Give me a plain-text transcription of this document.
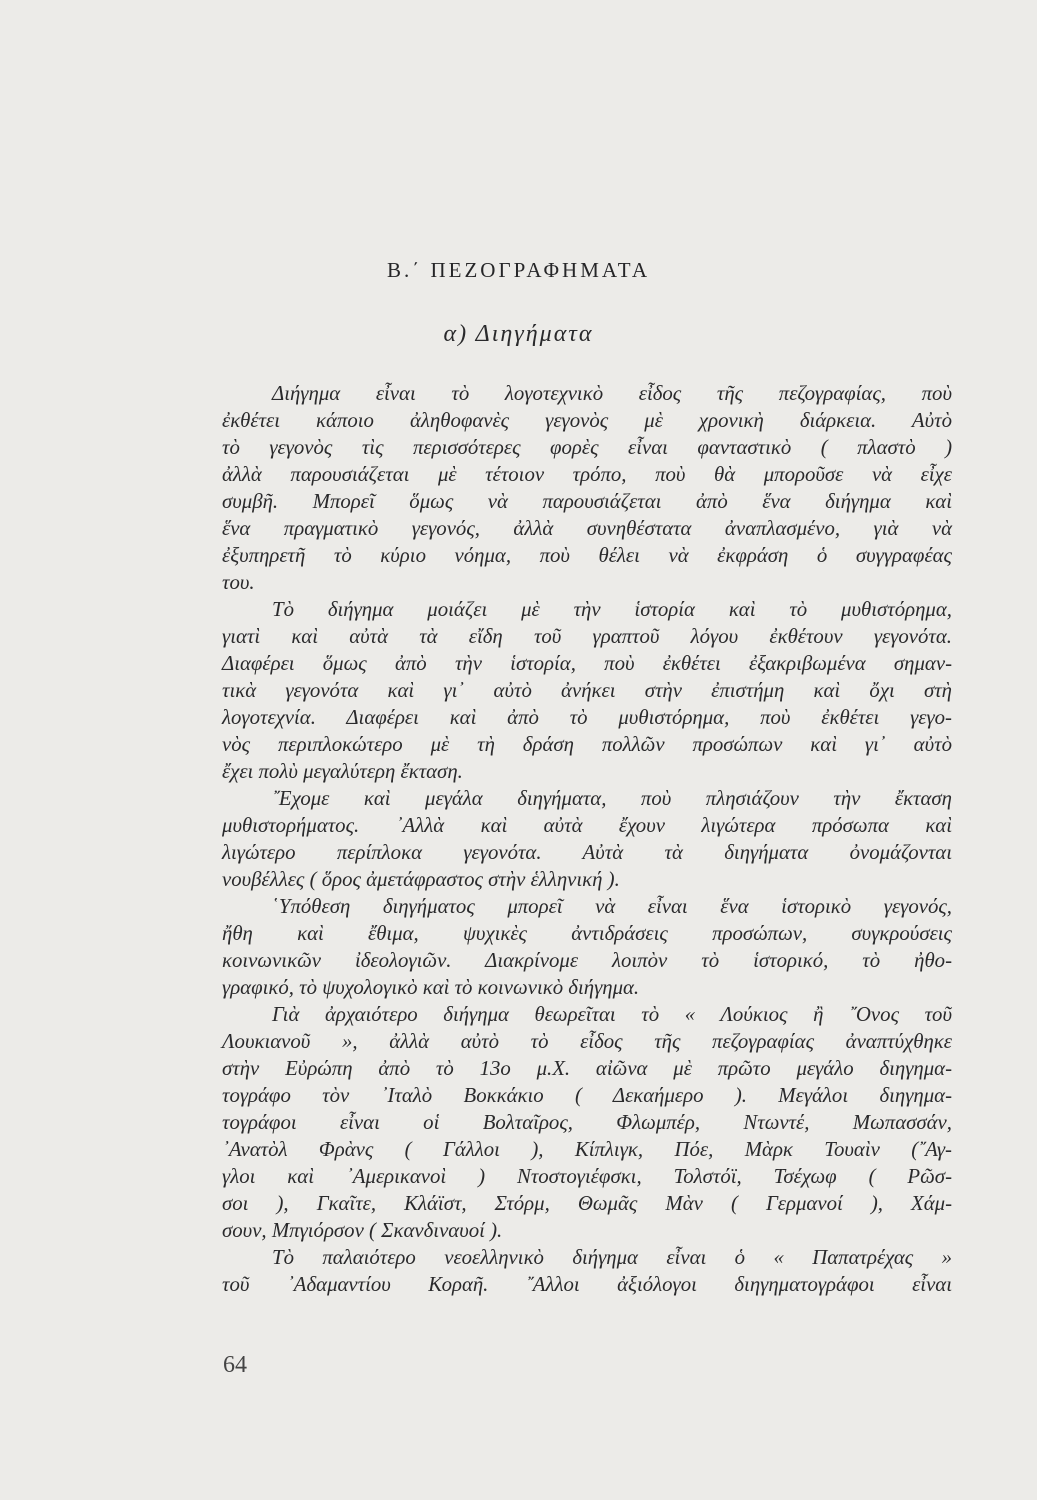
Β.΄ ΠΕΖΟΓΡΑΦΗΜΑΤΑ
α) Διηγήματα
Διήγημα εἶναι τὸ λογοτεχνικὸ εἶδος τῆς πεζογραφίας, ποὺ
ἐκθέτει κάποιο ἀληθοφανὲς γεγονὸς μὲ χρονικὴ διάρκεια. Αὐτὸ
τὸ γεγονὸς τὶς περισσότερες φορὲς εἶναι φανταστικὸ ( πλαστὸ )
ἀλλὰ παρουσιάζεται μὲ τέτοιον τρόπο, ποὺ θὰ μποροῦσε νὰ εἶχε
συμβῆ. Μπορεῖ ὅμως νὰ παρουσιάζεται ἀπὸ ἕνα διήγημα καὶ
ἕνα πραγματικὸ γεγονός, ἀλλὰ συνηθέστατα ἀναπλασμένο, γιὰ νὰ
ἐξυπηρετῆ τὸ κύριο νόημα, ποὺ θέλει νὰ ἐκφράση ὁ συγγραφέας
του.
Τὸ διήγημα μοιάζει μὲ τὴν ἱστορία καὶ τὸ μυθιστόρημα,
γιατὶ καὶ αὐτὰ τὰ εἴδη τοῦ γραπτοῦ λόγου ἐκθέτουν γεγονότα.
Διαφέρει ὅμως ἀπὸ τὴν ἱστορία, ποὺ ἐκθέτει ἐξακριβωμένα σημαν-
τικὰ γεγονότα καὶ γι᾿ αὐτὸ ἀνήκει στὴν ἐπιστήμη καὶ ὄχι στὴ
λογοτεχνία. Διαφέρει καὶ ἀπὸ τὸ μυθιστόρημα, ποὺ ἐκθέτει γεγο-
νὸς περιπλοκώτερο μὲ τὴ δράση πολλῶν προσώπων καὶ γι᾿ αὐτὸ
ἔχει πολὺ μεγαλύτερη ἔκταση.
῎Εχομε καὶ μεγάλα διηγήματα, ποὺ πλησιάζουν τὴν ἔκταση
μυθιστορήματος. ᾽Αλλὰ καὶ αὐτὰ ἔχουν λιγώτερα πρόσωπα καὶ
λιγώτερο περίπλοκα γεγονότα. Αὐτὰ τὰ διηγήματα ὀνομάζονται
νουβέλλες ( ὅρος ἀμετάφραστος στὴν ἑλληνική ).
῾Υπόθεση διηγήματος μπορεῖ νὰ εἶναι ἕνα ἱστορικὸ γεγονός,
ἤθη καὶ ἔθιμα, ψυχικὲς ἀντιδράσεις προσώπων, συγκρούσεις
κοινωνικῶν ἰδεολογιῶν. Διακρίνομε λοιπὸν τὸ ἱστορικό, τὸ ἠθο-
γραφικό, τὸ ψυχολογικὸ καὶ τὸ κοινωνικὸ διήγημα.
Γιὰ ἀρχαιότερο διήγημα θεωρεῖται τὸ « Λούκιος ἢ ῎Ονος τοῦ
Λουκιανοῦ », ἀλλὰ αὐτὸ τὸ εἶδος τῆς πεζογραφίας ἀναπτύχθηκε
στὴν Εὐρώπη ἀπὸ τὸ 13ο μ.Χ. αἰῶνα μὲ πρῶτο μεγάλο διηγημα-
τογράφο τὸν ᾽Ιταλὸ Βοκκάκιο ( Δεκαήμερο ). Μεγάλοι διηγημα-
τογράφοι εἶναι οἱ Βολταῖρος, Φλωμπέρ, Ντωντέ, Μωπασσάν,
᾽Ανατὸλ Φρὰνς ( Γάλλοι ), Κίπλιγκ, Πόε, Μὰρκ Τουαὶν (῎Αγ-
γλοι καὶ ᾽Αμερικανοὶ ) Ντοστογιέφσκι, Τολστόϊ, Τσέχωφ ( Ρῶσ-
σοι ), Γκαῖτε, Κλάϊστ, Στόρμ, Θωμᾶς Μὰν ( Γερμανοί ), Χάμ-
σουν, Μπγιόρσον ( Σκανδιναυοί ).
Τὸ παλαιότερο νεοελληνικὸ διήγημα εἶναι ὁ « Παπατρέχας »
τοῦ ᾽Αδαμαντίου Κοραῆ. ῎Αλλοι ἀξιόλογοι διηγηματογράφοι εἶναι
64
